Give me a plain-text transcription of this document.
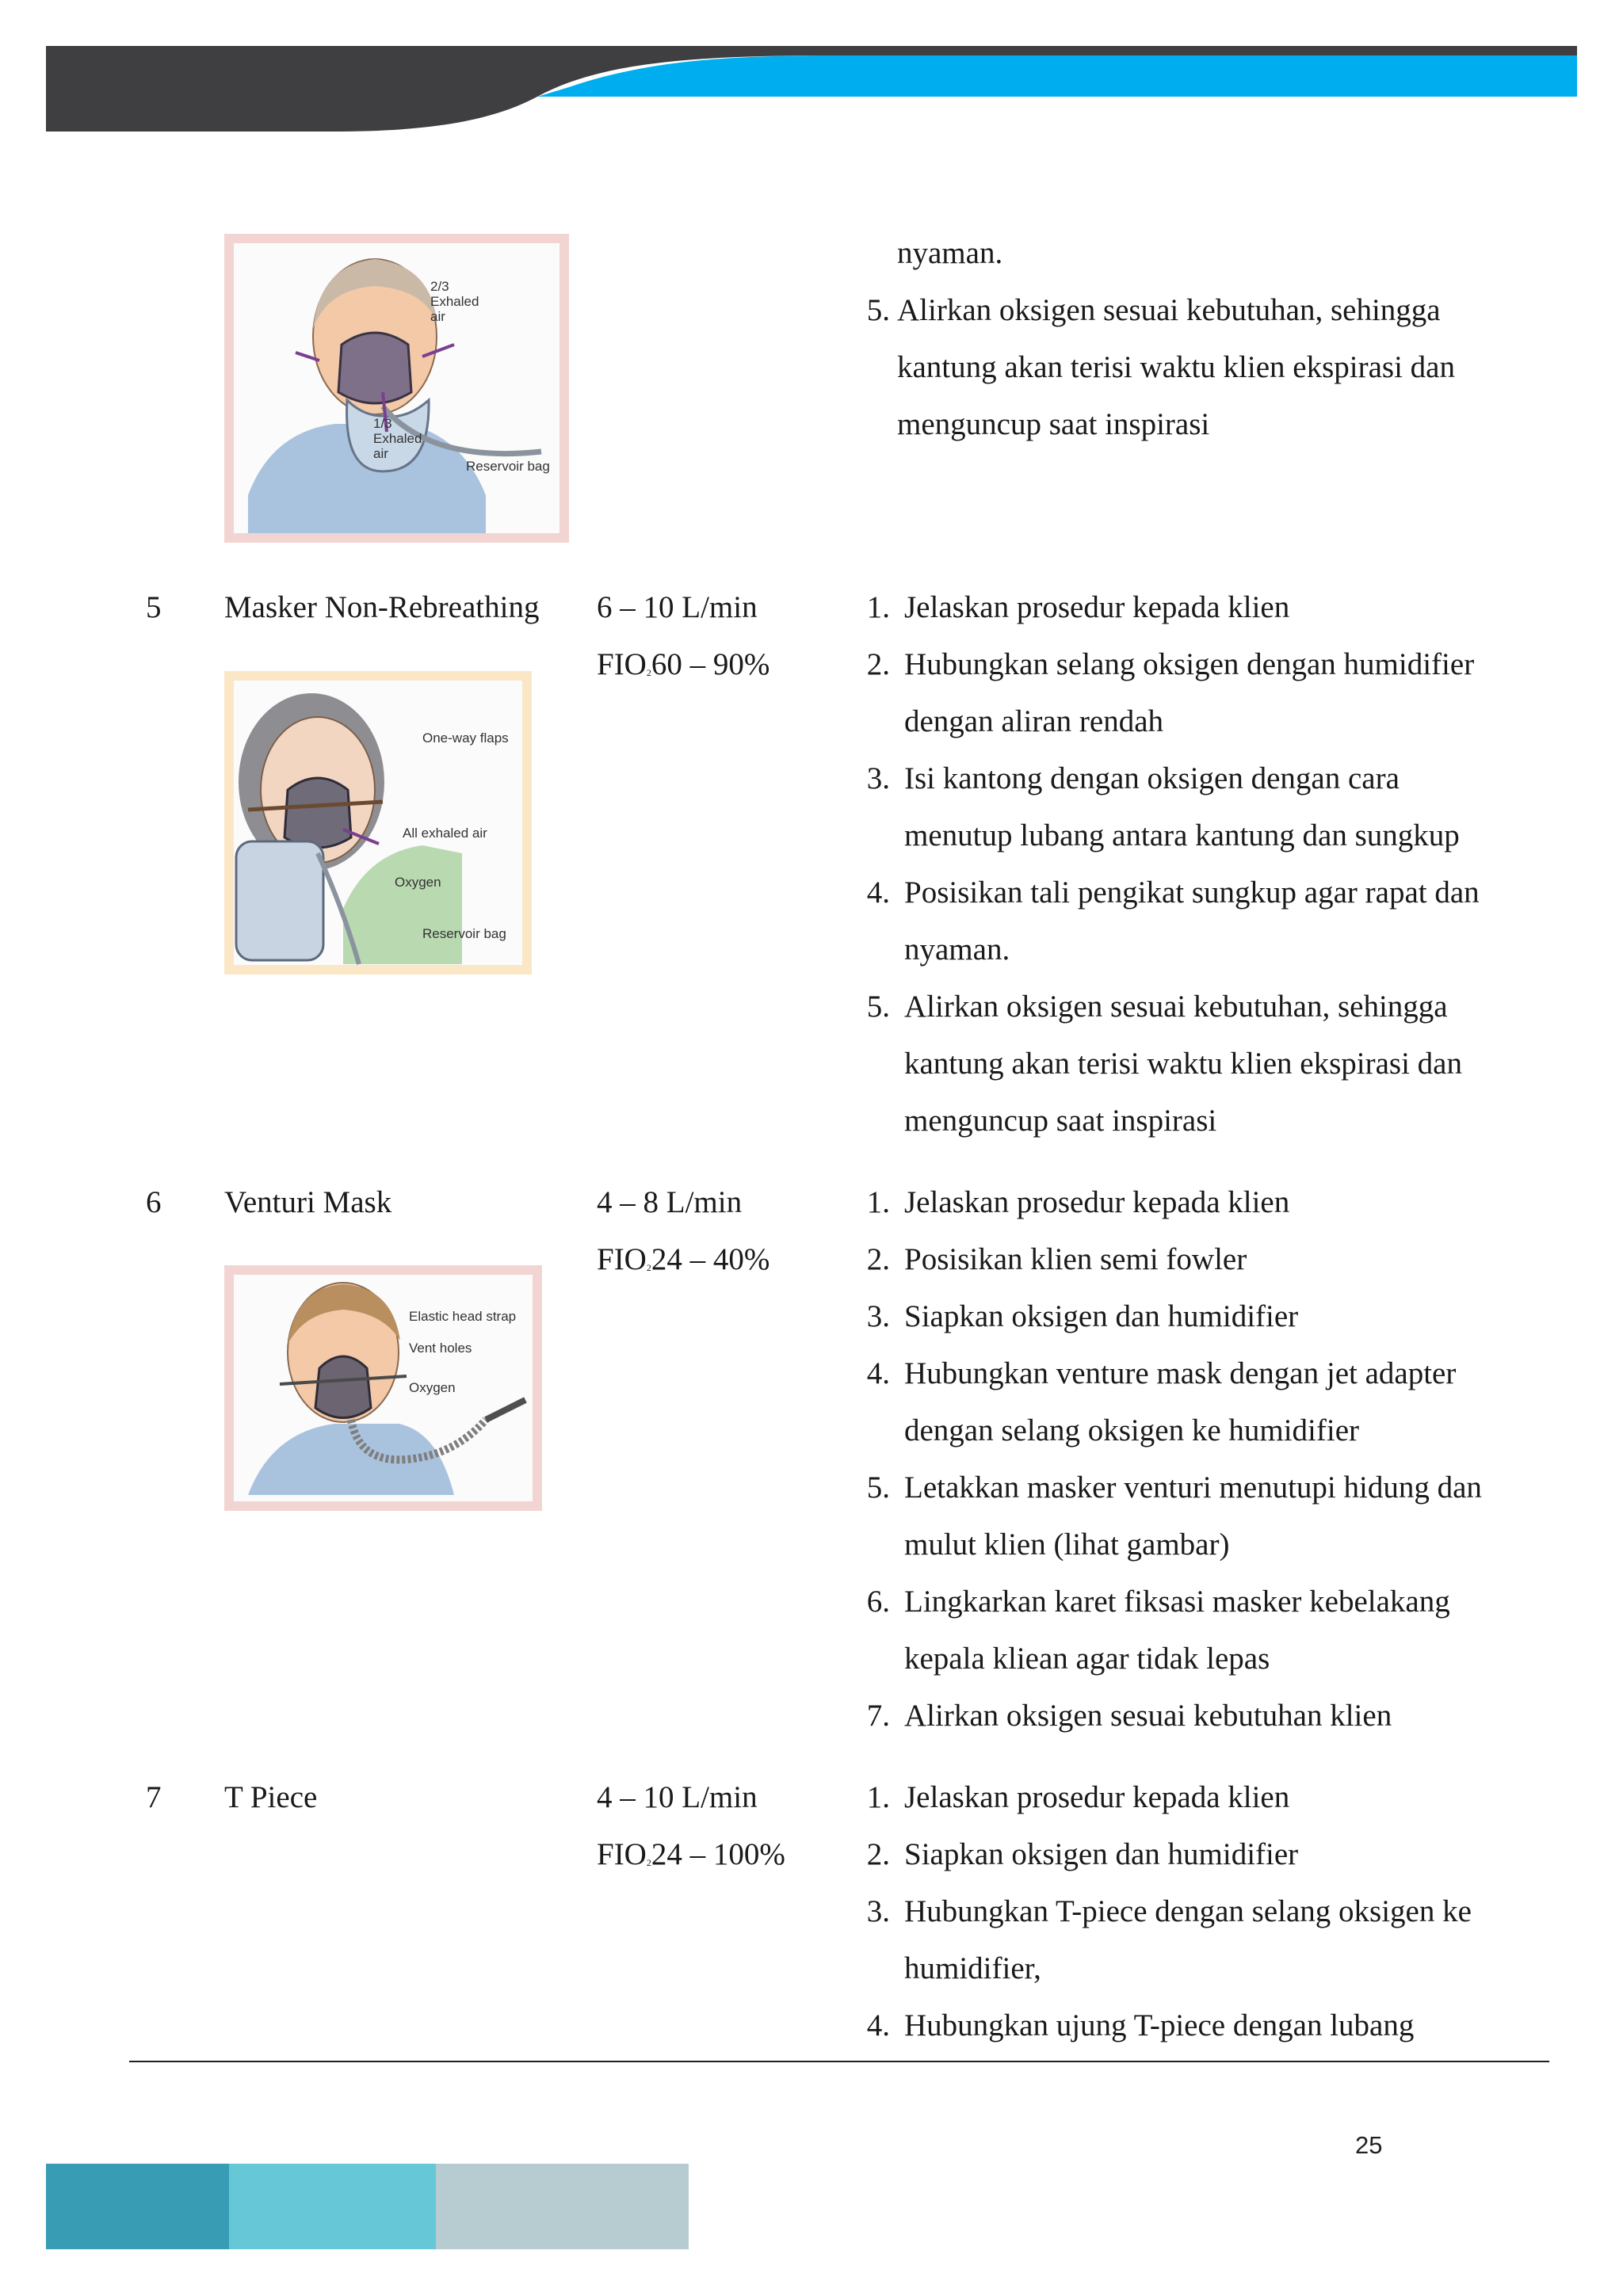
2/3
Exhaled
air
1/3
Exhaled
air
Reservoir bag
nyaman.
5. Alirkan oksigen sesuai kebutuhan, sehingga
kantung akan terisi waktu klien ekspirasi dan
menguncup saat inspirasi
5 Masker Non-Rebreathing 6 – 10 L/min
$FIO_260 - 90\%$
One-way flaps
All exhaled air
Oxygen
Reservoir bag
1. Jelaskan prosedur kepada klien
2. Hubungkan selang oksigen dengan humidifier
dengan aliran rendah
3. Isi kantong dengan oksigen dengan cara
menutup lubang antara kantung dan sungkup
4. Posisikan tali pengikat sungkup agar rapat dan
nyaman.
5. Alirkan oksigen sesuai kebutuhan, sehingga
kantung akan terisi waktu klien ekspirasi dan
menguncup saat inspirasi
6 Venturi Mask	4 – 8 L/min
$FIO_224 - 40\%$
Elastic head strap
Vent holes
Oxygen
1. Jelaskan prosedur kepada klien
2. Posisikan klien semi fowler
3. Siapkan oksigen dan humidifier
4. Hubungkan venture mask dengan jet adapter
dengan selang oksigen ke humidifier
5. Letakkan masker venturi menutupi hidung dan
mulut klien (lihat gambar)
6. Lingkarkan karet fiksasi masker kebelakang
kepala kliean agar tidak lepas
7. Alirkan oksigen sesuai kebutuhan klien
7 T Piece	4 – 10 L/min
$FIO_224 - 100\%$
1. Jelaskan prosedur kepada klien
2. Siapkan oksigen dan humidifier
3. Hubungkan T-piece dengan selang oksigen ke
humidifier,
4. Hubungkan ujung T-piece dengan lubang
25
